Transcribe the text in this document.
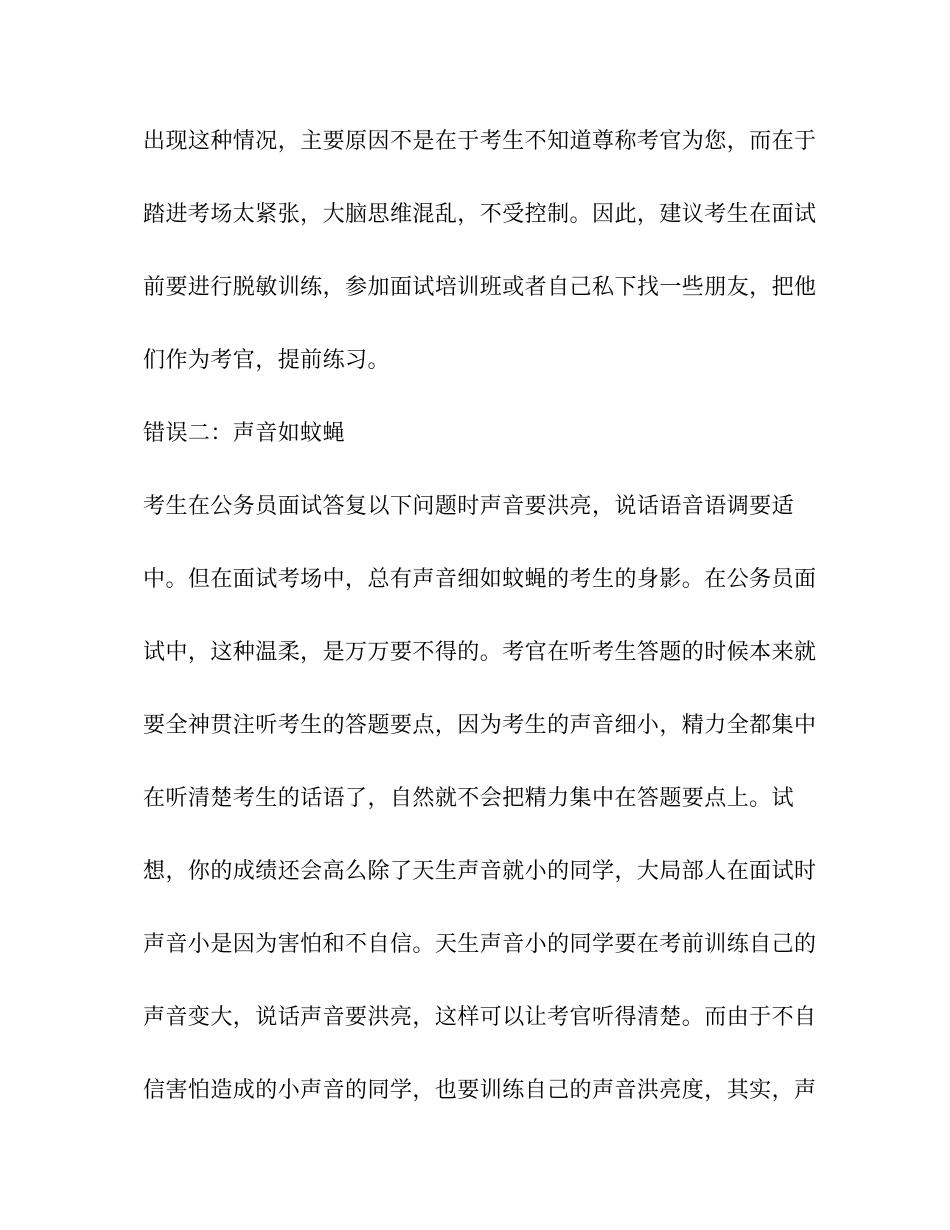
出现这种情况，主要原因不是在于考生不知道尊称考官为您，而在于
踏进考场太紧张，大脑思维混乱，不受控制。因此，建议考生在面试
前要进行脱敏训练，参加面试培训班或者自己私下找一些朋友，把他
们作为考官，提前练习。
错误二：声音如蚊蝇
考生在公务员面试答复以下问题时声音要洪亮，说话语音语调要适
中。但在面试考场中，总有声音细如蚊蝇的考生的身影。在公务员面
试中，这种温柔，是万万要不得的。考官在听考生答题的时候本来就
要全神贯注听考生的答题要点，因为考生的声音细小，精力全都集中
在听清楚考生的话语了，自然就不会把精力集中在答题要点上。试
想，你的成绩还会高么除了天生声音就小的同学，大局部人在面试时
声音小是因为害怕和不自信。天生声音小的同学要在考前训练自己的
声音变大，说话声音要洪亮，这样可以让考官听得清楚。而由于不自
信害怕造成的小声音的同学，也要训练自己的声音洪亮度，其实，声
